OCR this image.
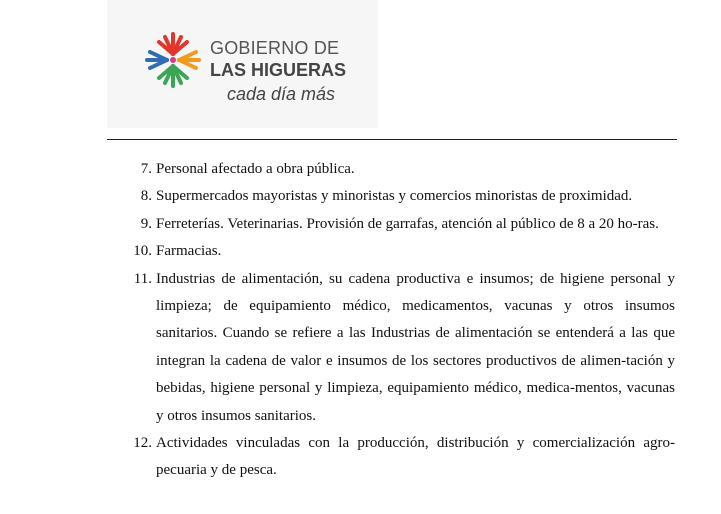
GOBIERNO DE
LAS HIGUERAS
cada día más
7. Personal afectado a obra pública.
8. Supermercados mayoristas y minoristas y comercios minoristas de proximidad.
9. Ferreterías. Veterinarias. Provisión de garrafas, atención al público de 8 a 20 ho-ras.
10. Farmacias.
11. Industrias de alimentación, su cadena productiva e insumos; de higiene personal y limpieza; de equipamiento médico, medicamentos, vacunas y otros insumos sanitarios. Cuando se refiere a las Industrias de alimentación se entenderá a las que integran la cadena de valor e insumos de los sectores productivos de alimen-tación y bebidas, higiene personal y limpieza, equipamiento médico, medica-mentos, vacunas y otros insumos sanitarios.
12. Actividades vinculadas con la producción, distribución y comercialización agro-pecuaria y de pesca.
